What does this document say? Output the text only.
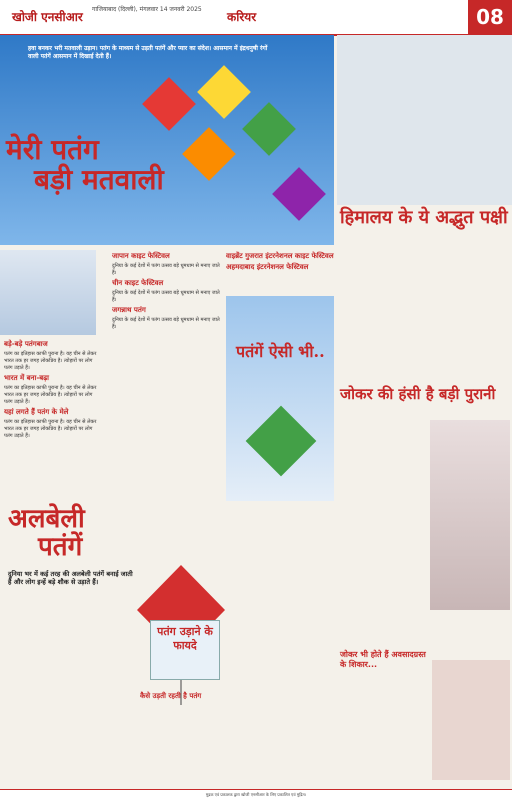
खोजी एनसीआर
गाजियाबाद (दिल्ली), मंगलवार 14 जनवरी 2025
करियर	08
हवा बनकर भरी मतवाली उड़ान। पतंग के माध्यम से उड़ती पतंगें और प्यार का संदेश। आसमान में इंद्रधनुषी रंगों वाली पतंगें आसमान में दिखाई देती हैं।
मेरी पतंग
बड़ी मतवाली
बड़े-बड़े पतंगबाज
पतंग का इतिहास काफी पुराना है। यह चीन से लेकर भारत तक हर जगह लोकप्रिय है। त्योहारों पर लोग पतंग उड़ाते हैं।
भारत में बना-बढ़ा
पतंग का इतिहास काफी पुराना है। यह चीन से लेकर भारत तक हर जगह लोकप्रिय है। त्योहारों पर लोग पतंग उड़ाते हैं।
यहां लगते हैं पतंग के मेले
पतंग का इतिहास काफी पुराना है। यह चीन से लेकर भारत तक हर जगह लोकप्रिय है। त्योहारों पर लोग पतंग उड़ाते हैं।
जापान काइट फेस्टिवल
दुनिया के कई देशों में पतंग उत्सव बड़े धूमधाम से मनाए जाते हैं।
चीन काइट फेस्टिवल
दुनिया के कई देशों में पतंग उत्सव बड़े धूमधाम से मनाए जाते हैं।
जगन्नाथ पतंग
दुनिया के कई देशों में पतंग उत्सव बड़े धूमधाम से मनाए जाते हैं।
वाइब्रेंट गुजरात इंटरनेशनल काइट फेस्टिवल
अहमदाबाद इंटरनेशनल फेस्टिवल
पतंगें ऐसी भी..
अलबेली
पतंगें
दुनिया भर में कई तरह की अलबेली पतंगें बनाई जाती हैं और लोग इन्हें बड़े शौक से उड़ाते हैं।
पतंग उड़ाने के फायदे
कैसे उड़ती रहती है पतंग
हिमालय के ये अद्भुत पक्षी
जोकर की हंसी है बड़ी पुरानी
जोकर भी होते हैं अवसादग्रस्त के शिकार...
मुद्रक एवं प्रकाशक द्वारा खोजी एनसीआर के लिए प्रकाशित एवं मुद्रित।
